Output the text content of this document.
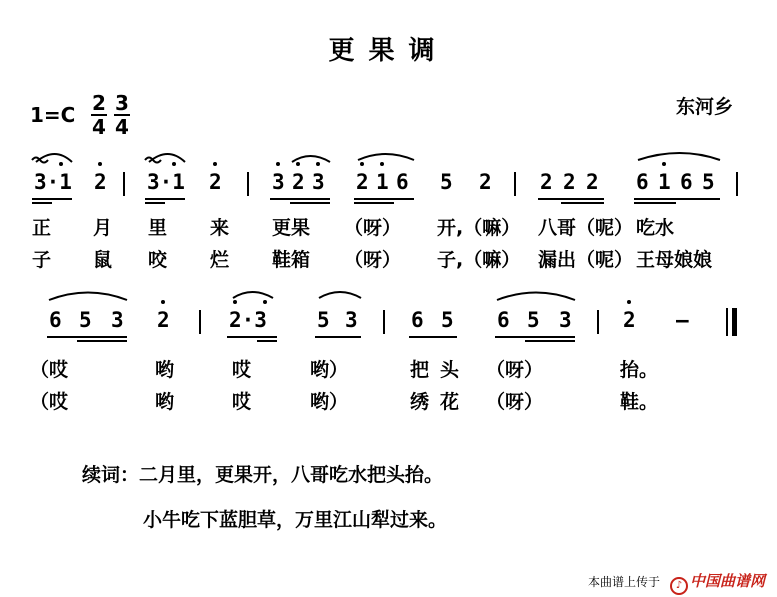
更果调
1=C 2
4
3
4
东河乡
3·1 2 3·1 2 3 2 3 2 1 6 5 2 2 2 2 6 1 6 5
正 月 里 来 更果 （呀） 开,（嘛） 八哥（呢） 吃水
子 鼠 咬 烂 鞋箱 （呀） 子,（嘛） 漏出（呢） 王母娘娘
6 5 3 2	2·3 5 3	6 5 6 5 3 2 —
（哎	哟	哎	哟）	把 头 （呀）	抬。
（哎	哟	哎	哟）	绣 花 （呀）	鞋。
续词：二月里，更果开，八哥吃水把头抬。
小牛吃下蓝胆草，万里江山犁过来。
本曲谱上传于	♪ 中国曲谱网
